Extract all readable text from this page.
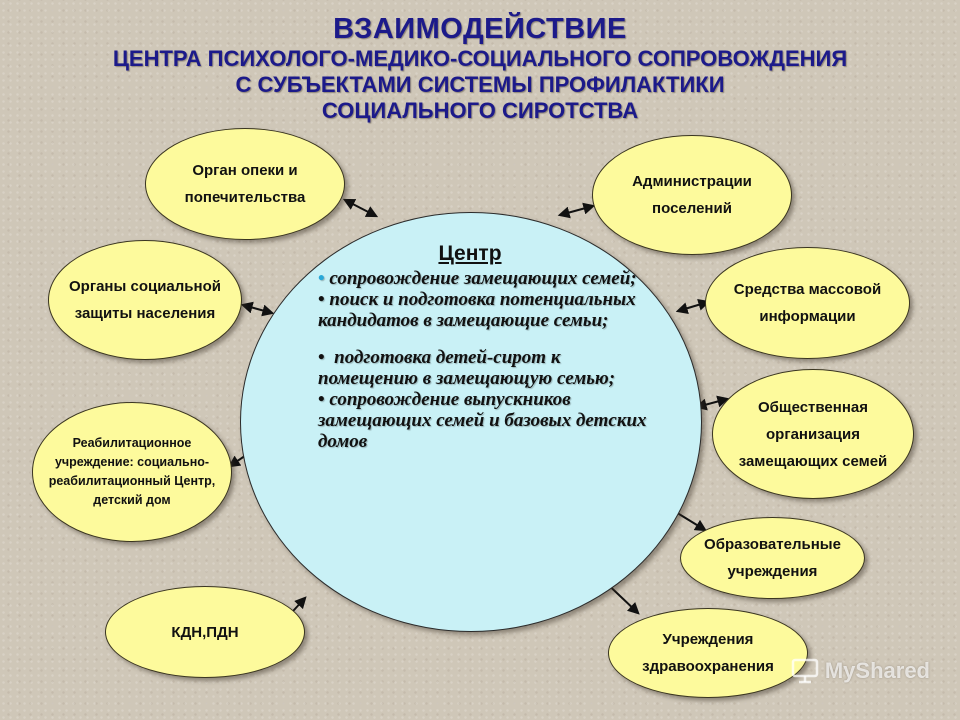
ВЗАИМОДЕЙСТВИЕ
ЦЕНТРА ПСИХОЛОГО-МЕДИКО-СОЦИАЛЬНОГО СОПРОВОЖДЕНИЯ
С СУБЪЕКТАМИ СИСТЕМЫ ПРОФИЛАКТИКИ
СОЦИАЛЬНОГО СИРОТСТВА
Орган опеки и попечительства
Органы социальной защиты населения
Реабилитационное учреждение: социально-реабилитационный Центр, детский дом
КДН,ПДН
Администрации поселений
Средства массовой информации
Общественная организация замещающих семей
Образовательные учреждения
Учреждения здравоохранения
Центр

• сопровождение замещающих семей;

• поиск и подготовка потенциальных кандидатов в замещающие семьи;

• подготовка детей-сирот к помещению в замещающую семью;

• сопровождение выпускников замещающих семей и базовых детских домов

MyShared
